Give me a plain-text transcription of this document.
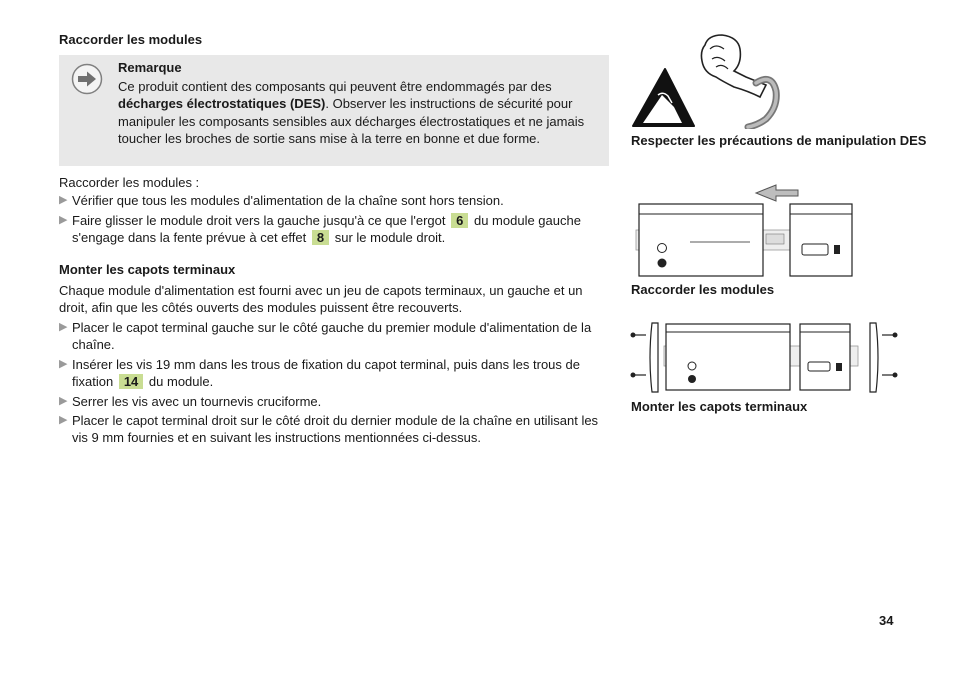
Raccorder les modules
Remarque
Ce produit contient des composants qui peuvent être endommagés par des décharges électrostatiques (DES). Observer les instructions de sécurité pour manipuler les composants sensibles aux décharges électrostatiques et ne jamais toucher les broches de sortie sans mise à la terre en bonne et due forme.
Raccorder les modules :
▶ Vérifier que tous les modules d'alimentation de la chaîne sont hors tension.
▶ Faire glisser le module droit vers la gauche jusqu'à ce que l'ergot 6 du module gauche s'engage dans la fente prévue à cet effet 8 sur le module droit.
Monter les capots terminaux
Chaque module d'alimentation est fourni avec un jeu de capots terminaux, un gauche et un droit, afin que les côtés ouverts des modules puissent être recouverts.
▶ Placer le capot terminal gauche sur le côté gauche du premier module d'alimentation de la chaîne.
▶ Insérer les vis 19 mm dans les trous de fixation du capot terminal, puis dans les trous de fixation 14 du module.
▶ Serrer les vis avec un tournevis cruciforme.
▶ Placer le capot terminal droit sur le côté droit du dernier module de la chaîne en utilisant les vis 9 mm fournies et en suivant les instructions mentionnées ci-dessus.
Respecter les précautions de manipulation DES
Raccorder les modules
Monter les capots terminaux
34
